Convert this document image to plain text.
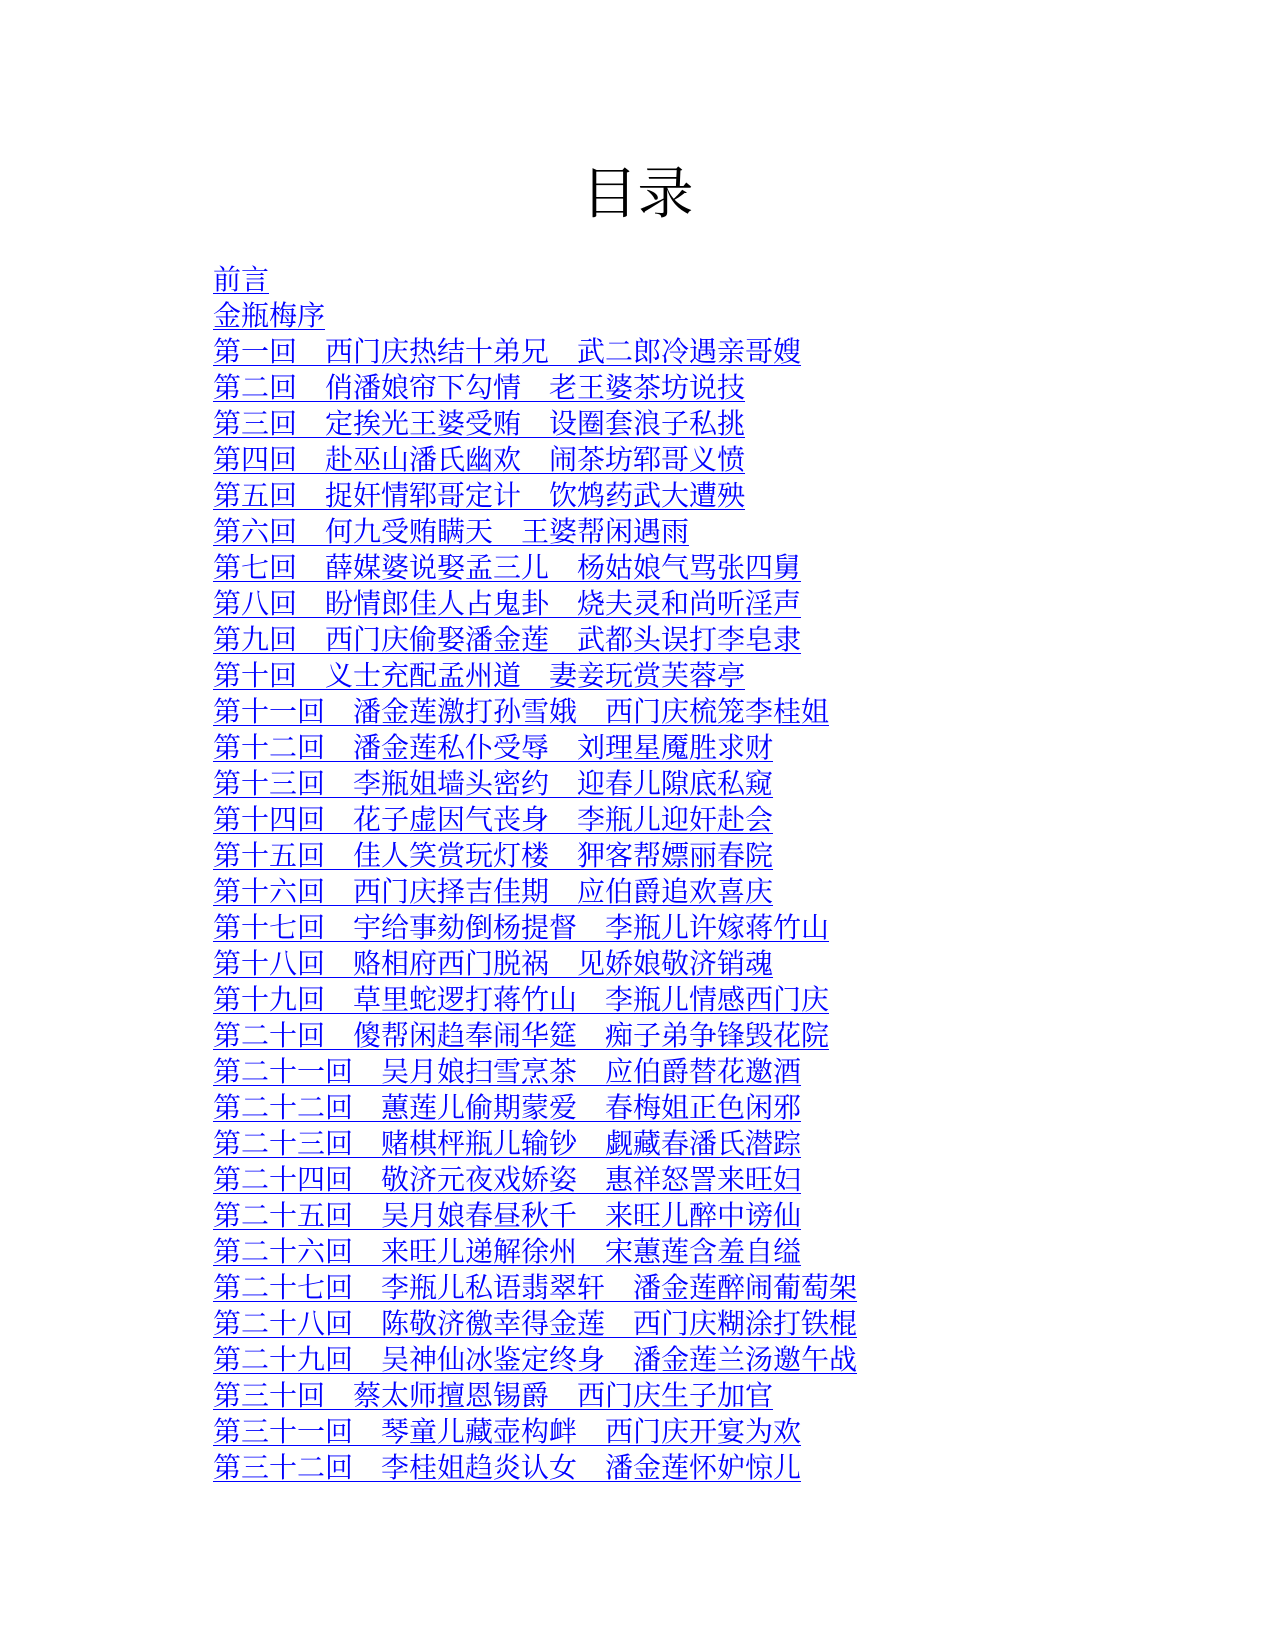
目录
前言
金瓶梅序
第一回　西门庆热结十弟兄　武二郎冷遇亲哥嫂
第二回　俏潘娘帘下勾情　老王婆茶坊说技
第三回　定挨光王婆受贿　设圈套浪子私挑
第四回　赴巫山潘氏幽欢　闹茶坊郓哥义愤
第五回　捉奸情郓哥定计　饮鸩药武大遭殃
第六回　何九受贿瞒天　王婆帮闲遇雨
第七回　薛媒婆说娶孟三儿　杨姑娘气骂张四舅
第八回　盼情郎佳人占鬼卦　烧夫灵和尚听淫声
第九回　西门庆偷娶潘金莲　武都头误打李皂隶
第十回　义士充配孟州道　妻妾玩赏芙蓉亭
第十一回　潘金莲激打孙雪娥　西门庆梳笼李桂姐
第十二回　潘金莲私仆受辱　刘理星魇胜求财
第十三回　李瓶姐墙头密约　迎春儿隙底私窥
第十四回　花子虚因气丧身　李瓶儿迎奸赴会
第十五回　佳人笑赏玩灯楼　狎客帮嫖丽春院
第十六回　西门庆择吉佳期　应伯爵追欢喜庆
第十七回　宇给事劾倒杨提督　李瓶儿许嫁蒋竹山
第十八回　赂相府西门脱祸　见娇娘敬济销魂
第十九回　草里蛇逻打蒋竹山　李瓶儿情感西门庆
第二十回　傻帮闲趋奉闹华筵　痴子弟争锋毁花院
第二十一回　吴月娘扫雪烹茶　应伯爵替花邀酒
第二十二回　蕙莲儿偷期蒙爱　春梅姐正色闲邪
第二十三回　赌棋枰瓶儿输钞　觑藏春潘氏潜踪
第二十四回　敬济元夜戏娇姿　惠祥怒詈来旺妇
第二十五回　吴月娘春昼秋千　来旺儿醉中谤仙
第二十六回　来旺儿递解徐州　宋蕙莲含羞自缢
第二十七回　李瓶儿私语翡翠轩　潘金莲醉闹葡萄架
第二十八回　陈敬济徼幸得金莲　西门庆糊涂打铁棍
第二十九回　吴神仙冰鉴定终身　潘金莲兰汤邀午战
第三十回　蔡太师擅恩锡爵　西门庆生子加官
第三十一回　琴童儿藏壶构衅　西门庆开宴为欢
第三十二回　李桂姐趋炎认女　潘金莲怀妒惊儿
